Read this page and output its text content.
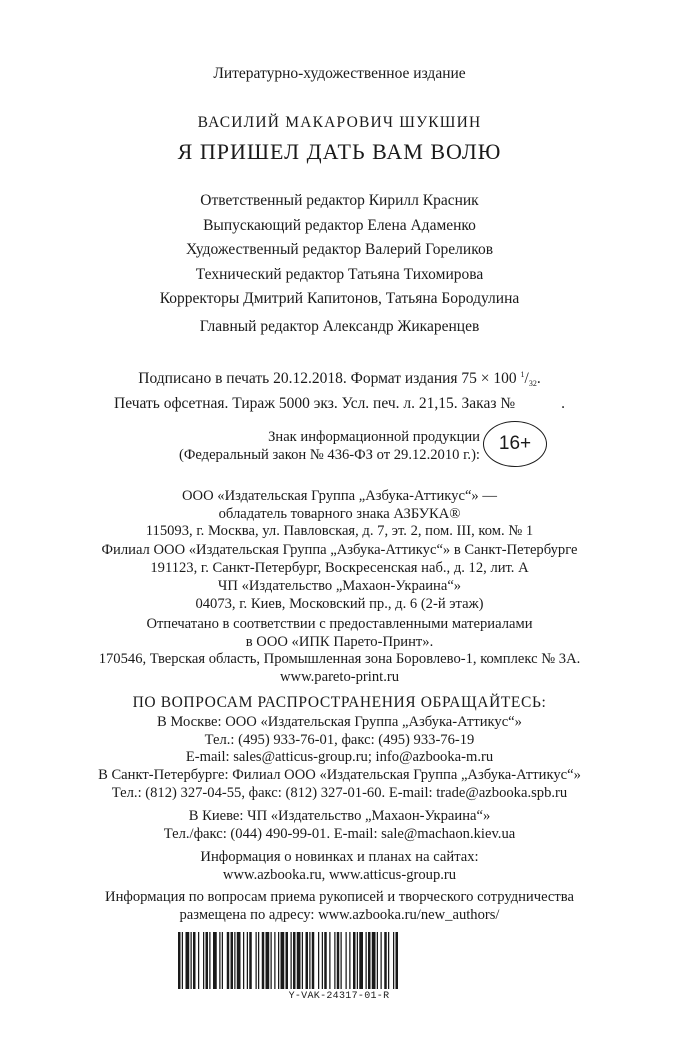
Литературно-художественное издание
ВАСИЛИЙ МАКАРОВИЧ ШУКШИН
Я ПРИШЕЛ ДАТЬ ВАМ ВОЛЮ
Ответственный редактор Кирилл Красник
Выпускающий редактор Елена Адаменко
Художественный редактор Валерий Гореликов
Технический редактор Татьяна Тихомирова
Корректоры Дмитрий Капитонов, Татьяна Бородулина
Главный редактор Александр Жикаренцев
Подписано в печать 20.12.2018. Формат издания 75 × 100 $^1/_{32}$.
Печать офсетная. Тираж 5000 экз. Усл. печ. л. 21,15. Заказ №	.
Знак информационной продукции
(Федеральный закон № 436-ФЗ от 29.12.2010 г.):
16+
ООО «Издательская Группа „Азбука-Аттикус“» —
обладатель товарного знака АЗБУКА®
115093, г. Москва, ул. Павловская, д. 7, эт. 2, пом. III, ком. № 1
Филиал ООО «Издательская Группа „Азбука-Аттикус“» в Санкт-Петербурге
191123, г. Санкт-Петербург, Воскресенская наб., д. 12, лит. А
ЧП «Издательство „Махаон-Украина“»
04073, г. Киев, Московский пр., д. 6 (2-й этаж)
Отпечатано в соответствии с предоставленными материалами
в ООО «ИПК Парето-Принт».
170546, Тверская область, Промышленная зона Боровлево-1, комплекс № 3А.
www.pareto-print.ru
ПО ВОПРОСАМ РАСПРОСТРАНЕНИЯ ОБРАЩАЙТЕСЬ:
В Москве: ООО «Издательская Группа „Азбука-Аттикус“»
Тел.: (495) 933-76-01, факс: (495) 933-76-19
E-mail: sales@atticus-group.ru; info@azbooka-m.ru
В Санкт-Петербурге: Филиал ООО «Издательская Группа „Азбука-Аттикус“»
Тел.: (812) 327-04-55, факс: (812) 327-01-60. E-mail: trade@azbooka.spb.ru
В Киеве: ЧП «Издательство „Махаон-Украина“»
Тел./факс: (044) 490-99-01. E-mail: sale@machaon.kiev.ua
Информация о новинках и планах на сайтах:
www.azbooka.ru, www.atticus-group.ru
Информация по вопросам приема рукописей и творческого сотрудничества
размещена по адресу: www.azbooka.ru/new_authors/
Y-VAK-24317-01-R
